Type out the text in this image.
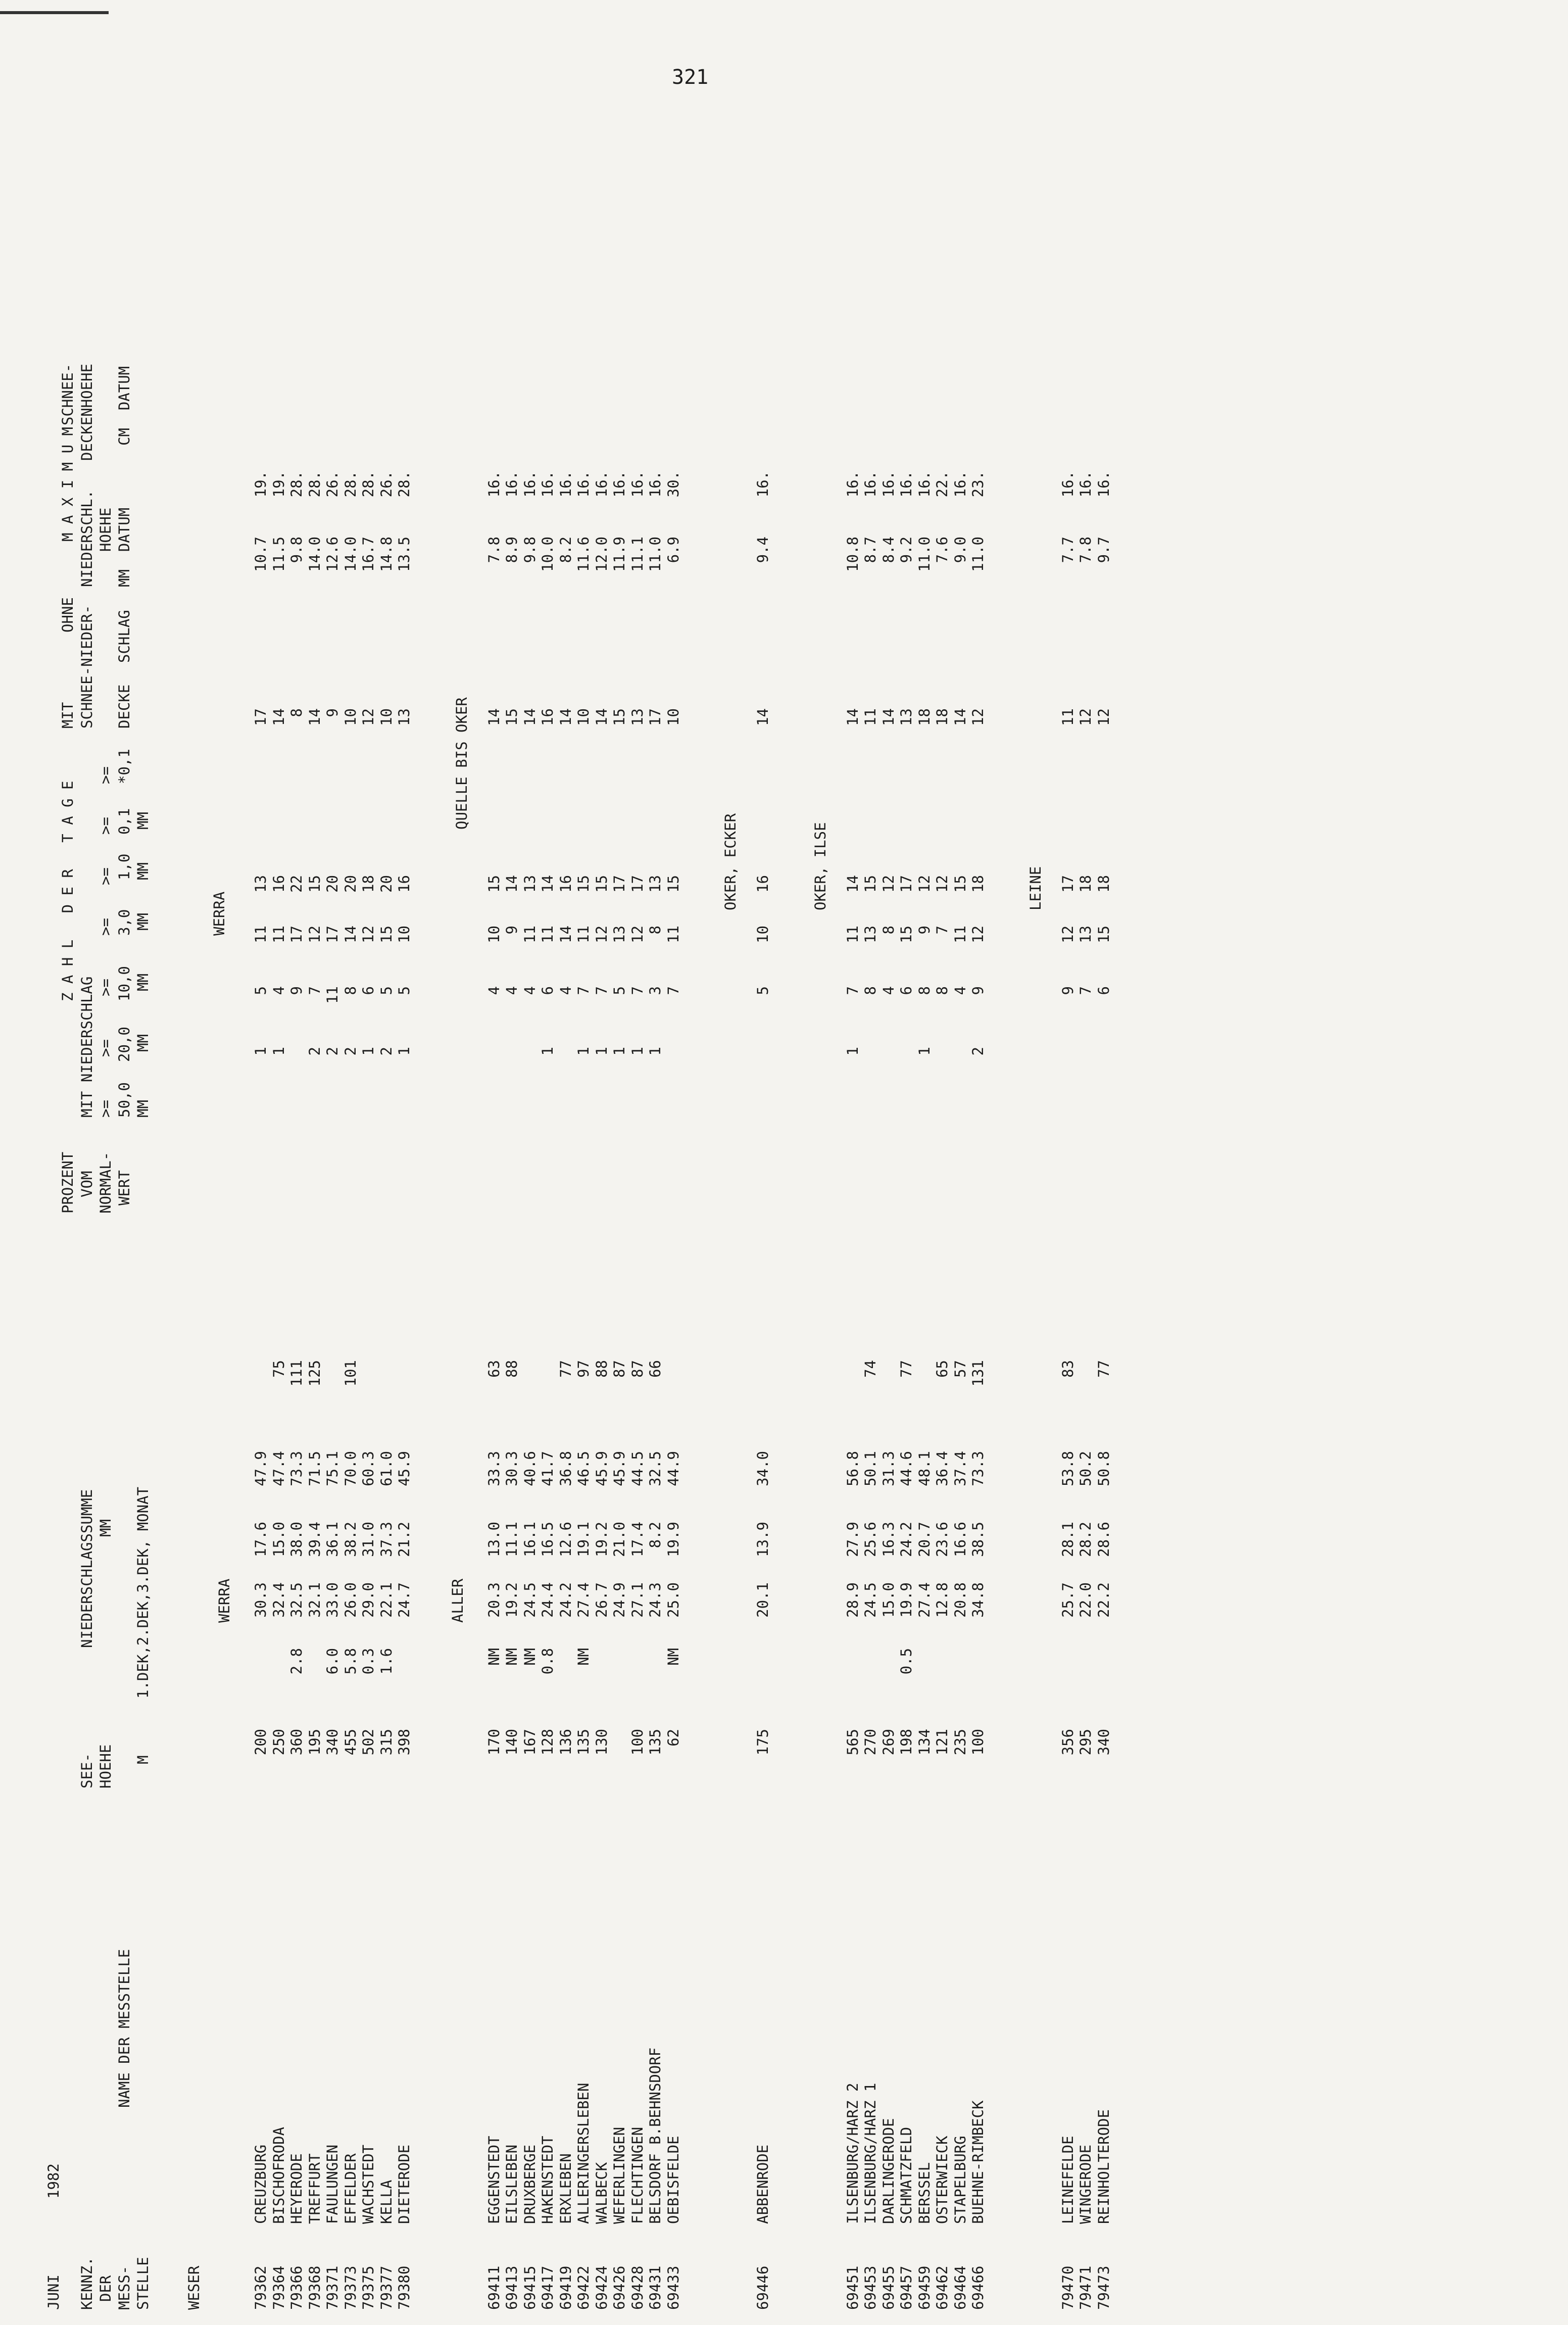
321
JUNI
1982
KENNZ. DER MESS- STELLE
NAME DER MESSTELLE
SEE- HOEHE M
NIEDERSCHLAGSSUMME MM 1.DEK,2.DEK,3.DEK, MONAT
PROZENT VOM NORMAL- WERT
Z A H L   D E R   T A G E
MIT NIEDERSCHLAG
MIT SCHNEE-NIEDER-
OHNE
>=
>=
>=
>=
>=
>=
>=
50,0
20,0
10,0
3,0
1,0
0,1
*0,1
DECKE
SCHLAG
MM
MM
MM
MM
MM
MM
M A X I M U M NIEDERSCHL. HOEHE MM  DATUM
SCHNEE- DECKENHOEHE CM  DATUM
WESER
WERRA
WERRA
79362
CREUZBURG
200
30.3
17.6
47.9
1
5
11
13
17
10.7
19.
79364
BISCHOFRODA
250
32.4
15.0
47.4
75
1
4
11
16
14
11.5
19.
79366
HEYERODE
360
2.8
32.5
38.0
73.3
111
9
17
22
8
9.8
28.
79368
TREFFURT
195
32.1
39.4
71.5
125
2
7
12
15
14
14.0
28.
79371
FAULUNGEN
340
6.0
33.0
36.1
75.1
2
11
17
20
9
12.6
26.
79373
EFFELDER
455
5.8
26.0
38.2
70.0
101
2
8
14
20
10
14.0
28.
79375
WACHSTEDT
502
0.3
29.0
31.0
60.3
1
6
12
18
12
16.7
28.
79377
KELLA
315
1.6
22.1
37.3
61.0
2
5
15
20
10
14.8
26.
79380
DIETERODE
398
24.7
21.2
45.9
1
5
10
16
13
13.5
28.
ALLER
QUELLE BIS OKER
69411
EGGENSTEDT
170
NM
20.3
13.0
33.3
63
4
10
15
14
7.8
16.
69413
EILSLEBEN
140
NM
19.2
11.1
30.3
88
4
9
14
15
8.9
16.
69415
DRUXBERGE
167
NM
24.5
16.1
40.6
4
11
13
14
9.8
16.
69417
HAKENSTEDT
128
0.8
24.4
16.5
41.7
1
6
11
14
16
10.0
16.
69419
ERXLEBEN
136
24.2
12.6
36.8
77
4
14
16
14
8.2
16.
69422
ALLERINGERSLEBEN
135
NM
27.4
19.1
46.5
97
1
7
11
15
10
11.6
16.
69424
WALBECK
130
26.7
19.2
45.9
88
1
7
12
15
14
12.0
16.
69426
WEFERLINGEN
24.9
21.0
45.9
87
1
5
13
17
15
11.9
16.
69428
FLECHTINGEN
100
27.1
17.4
44.5
87
1
7
12
17
13
11.1
16.
69431
BELSDORF B.BEHNSDORF
135
24.3
8.2
32.5
66
1
3
8
13
17
11.0
16.
69433
OEBISFELDE
62
NM
25.0
19.9
44.9
7
11
15
10
6.9
30.
OKER, ECKER
69446
ABBENRODE
175
20.1
13.9
34.0
5
10
16
14
9.4
16.
OKER, ILSE
69451
ILSENBURG/HARZ 2
565
28.9
27.9
56.8
1
7
11
14
14
10.8
16.
69453
ILSENBURG/HARZ 1
270
24.5
25.6
50.1
74
8
13
15
11
8.7
16.
69455
DARLINGERODE
269
15.0
16.3
31.3
4
8
12
14
8.4
16.
69457
SCHMATZFELD
198
0.5
19.9
24.2
44.6
77
6
15
17
13
9.2
16.
69459
BERSSEL
134
27.4
20.7
48.1
1
8
9
12
18
11.0
16.
69462
OSTERWIECK
121
12.8
23.6
36.4
65
8
7
12
18
7.6
22.
69464
STAPELBURG
235
20.8
16.6
37.4
57
4
11
15
14
9.0
16.
69466
BUEHNE-RIMBECK
100
34.8
38.5
73.3
131
2
9
12
18
12
11.0
23.
LEINE
79470
LEINEFELDE
356
25.7
28.1
53.8
83
9
12
17
11
7.7
16.
79471
WINGERODE
295
22.0
28.2
50.2
7
13
18
12
7.8
16.
79473
REINHOLTERODE
340
22.2
28.6
50.8
77
6
15
18
12
9.7
16.
